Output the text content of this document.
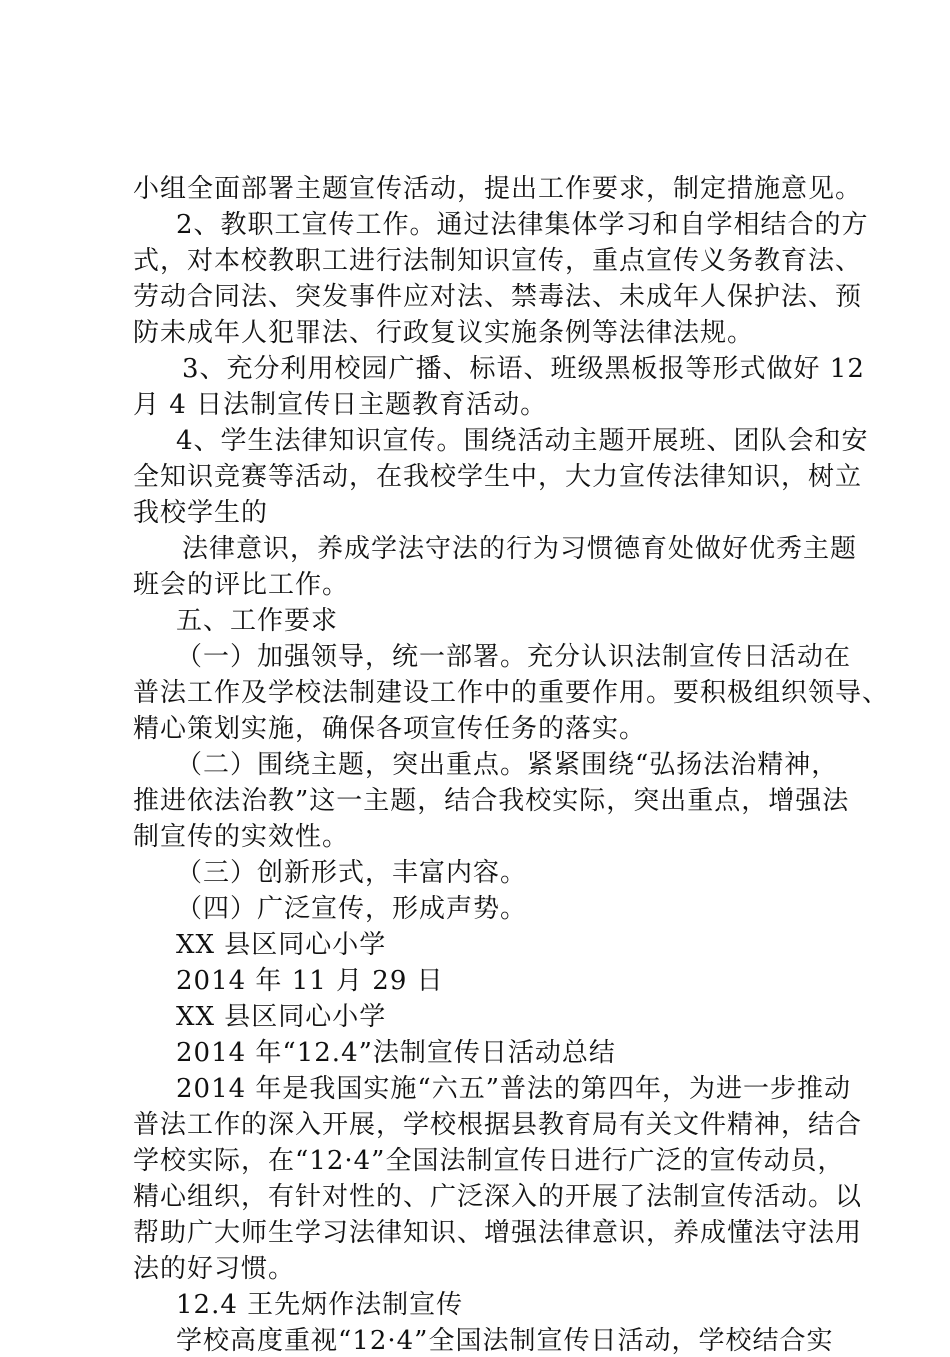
小组全面部署主题宣传活动，提出工作要求，制定措施意见。
2、教职工宣传工作。通过法律集体学习和自学相结合的方
式，对本校教职工进行法制知识宣传，重点宣传义务教育法、
劳动合同法、突发事件应对法、禁毒法、未成年人保护法、预
防未成年人犯罪法、行政复议实施条例等法律法规。
3、充分利用校园广播、标语、班级黑板报等形式做好 12
月 4 日法制宣传日主题教育活动。
4、学生法律知识宣传。围绕活动主题开展班、团队会和安
全知识竞赛等活动，在我校学生中，大力宣传法律知识，树立
我校学生的
法律意识，养成学法守法的行为习惯德育处做好优秀主题
班会的评比工作。
五、工作要求
（一）加强领导，统一部署。充分认识法制宣传日活动在
普法工作及学校法制建设工作中的重要作用。要积极组织领导、
精心策划实施，确保各项宣传任务的落实。
（二）围绕主题，突出重点。紧紧围绕“弘扬法治精神，
推进依法治教”这一主题，结合我校实际，突出重点，增强法
制宣传的实效性。
（三）创新形式，丰富内容。
（四）广泛宣传，形成声势。
XX 县区同心小学
2014 年 11 月 29 日
XX 县区同心小学
2014 年“12.4”法制宣传日活动总结
2014 年是我国实施“六五”普法的第四年，为进一步推动
普法工作的深入开展，学校根据县教育局有关文件精神，结合
学校实际，在“12·4”全国法制宣传日进行广泛的宣传动员，
精心组织，有针对性的、广泛深入的开展了法制宣传活动。以
帮助广大师生学习法律知识、增强法律意识，养成懂法守法用
法的好习惯。
12.4 王先炳作法制宣传
学校高度重视“12·4”全国法制宣传日活动，学校结合实
